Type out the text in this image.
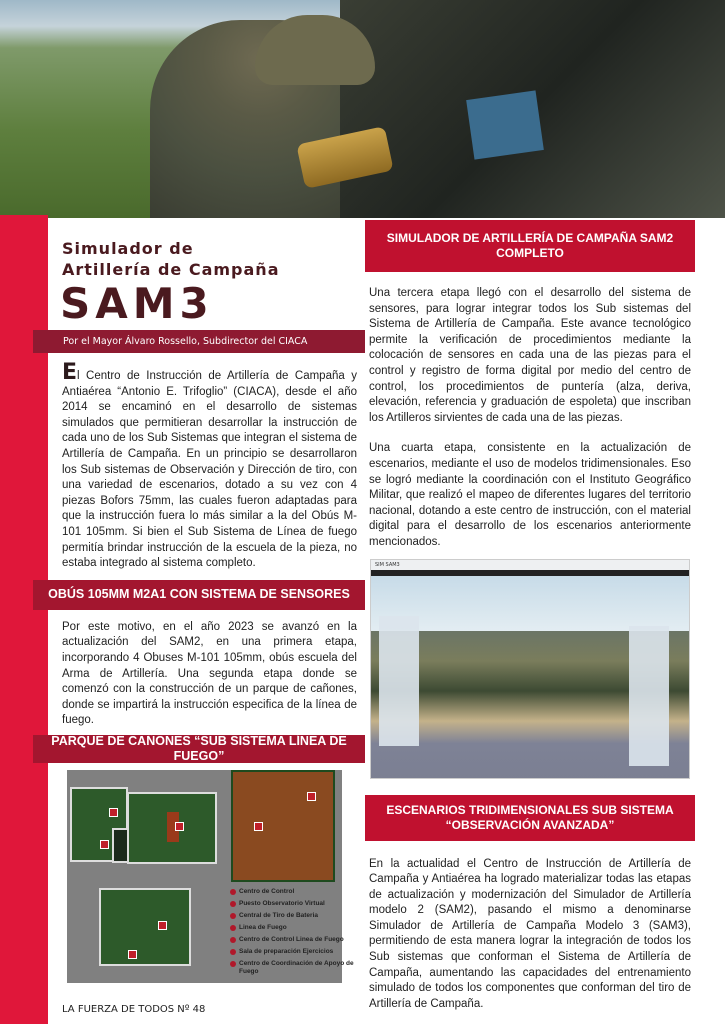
Simulador de
Artillería de Campaña
SAM3
Por el Mayor Álvaro Rossello, Subdirector del CIACA
El Centro de Instrucción de Artillería de Campaña y Antiaérea “Antonio E. Trifoglio” (CIACA), desde el año 2014 se encaminó en el desarrollo de sistemas simulados que permitieran desarrollar la instrucción de cada uno de los Sub Sistemas que integran el sistema de Artillería de Campaña. En un principio se desarrollaron los Sub sistemas de Observación y Dirección de tiro, con una variedad de escenarios, dotado a su vez con 4 piezas Bofors 75mm, las cuales fueron adaptadas para que la instrucción fuera lo más similar a la del Obús M-101 105mm. Si bien el Sub Sistema de Línea de fuego permitía brindar instrucción de la escuela de la pieza, no estaba integrado al sistema completo.
OBÚS 105MM M2A1 CON SISTEMA DE SENSORES
Por este motivo, en el año 2023 se avanzó en la actualización del SAM2, en una primera etapa, incorporando 4 Obuses M-101 105mm, obús escuela del Arma de Artillería. Una segunda etapa donde se comenzó con la construcción de un parque de cañones, donde se impartirá la instrucción especifica de la línea de fuego.
PARQUE DE CAÑONES “SUB SISTEMA LÍNEA DE FUEGO”
Centro de Control
Puesto Observatorio Virtual
Central de Tiro de Bateria
Linea de Fuego
Centro de Control Linea de Fuego
Sala de preparación Ejercicios
Centro de Coordinación de Apoyo de Fuego
LA FUERZA DE TODOS Nº 48
SIMULADOR DE ARTILLERÍA DE CAMPAÑA SAM2 COMPLETO
Una tercera etapa llegó con el desarrollo del sistema de sensores, para lograr integrar todos los Sub sistemas del Sistema de Artillería de Campaña. Este avance tecnológico permite la verificación de procedimientos mediante la colocación de sensores en cada una de las piezas para el control y registro de forma digital por medio del centro de control, los procedimientos de puntería (alza, deriva, elevación, referencia y graduación de espoleta) que inscriban los Artilleros sirvientes de cada una de las piezas.
Una cuarta etapa, consistente en la actualización de escenarios, mediante el uso de modelos tridimensionales. Eso se logró mediante la coordinación con el Instituto Geográfico Militar, que realizó el mapeo de diferentes lugares del territorio nacional, dotando a este centro de instrucción, con el material digital para el desarrollo de los escenarios anteriormente mencionados.
SIM SAM3
ESCENARIOS TRIDIMENSIONALES SUB SISTEMA “OBSERVACIÓN AVANZADA”
En la actualidad el Centro de Instrucción de Artillería de Campaña y Antiaérea ha logrado materializar todas las etapas de actualización y modernización del Simulador de Artillería modelo 2 (SAM2), pasando el mismo a denominarse Simulador de Artillería de Campaña Modelo 3 (SAM3), permitiendo de esta manera lograr la integración de todos los Sub sistemas que conforman el Sistema de Artillería de Campaña, aumentando las capacidades del entrenamiento simulado de todos los componentes que conforman del tiro de Artillería de Campaña.
